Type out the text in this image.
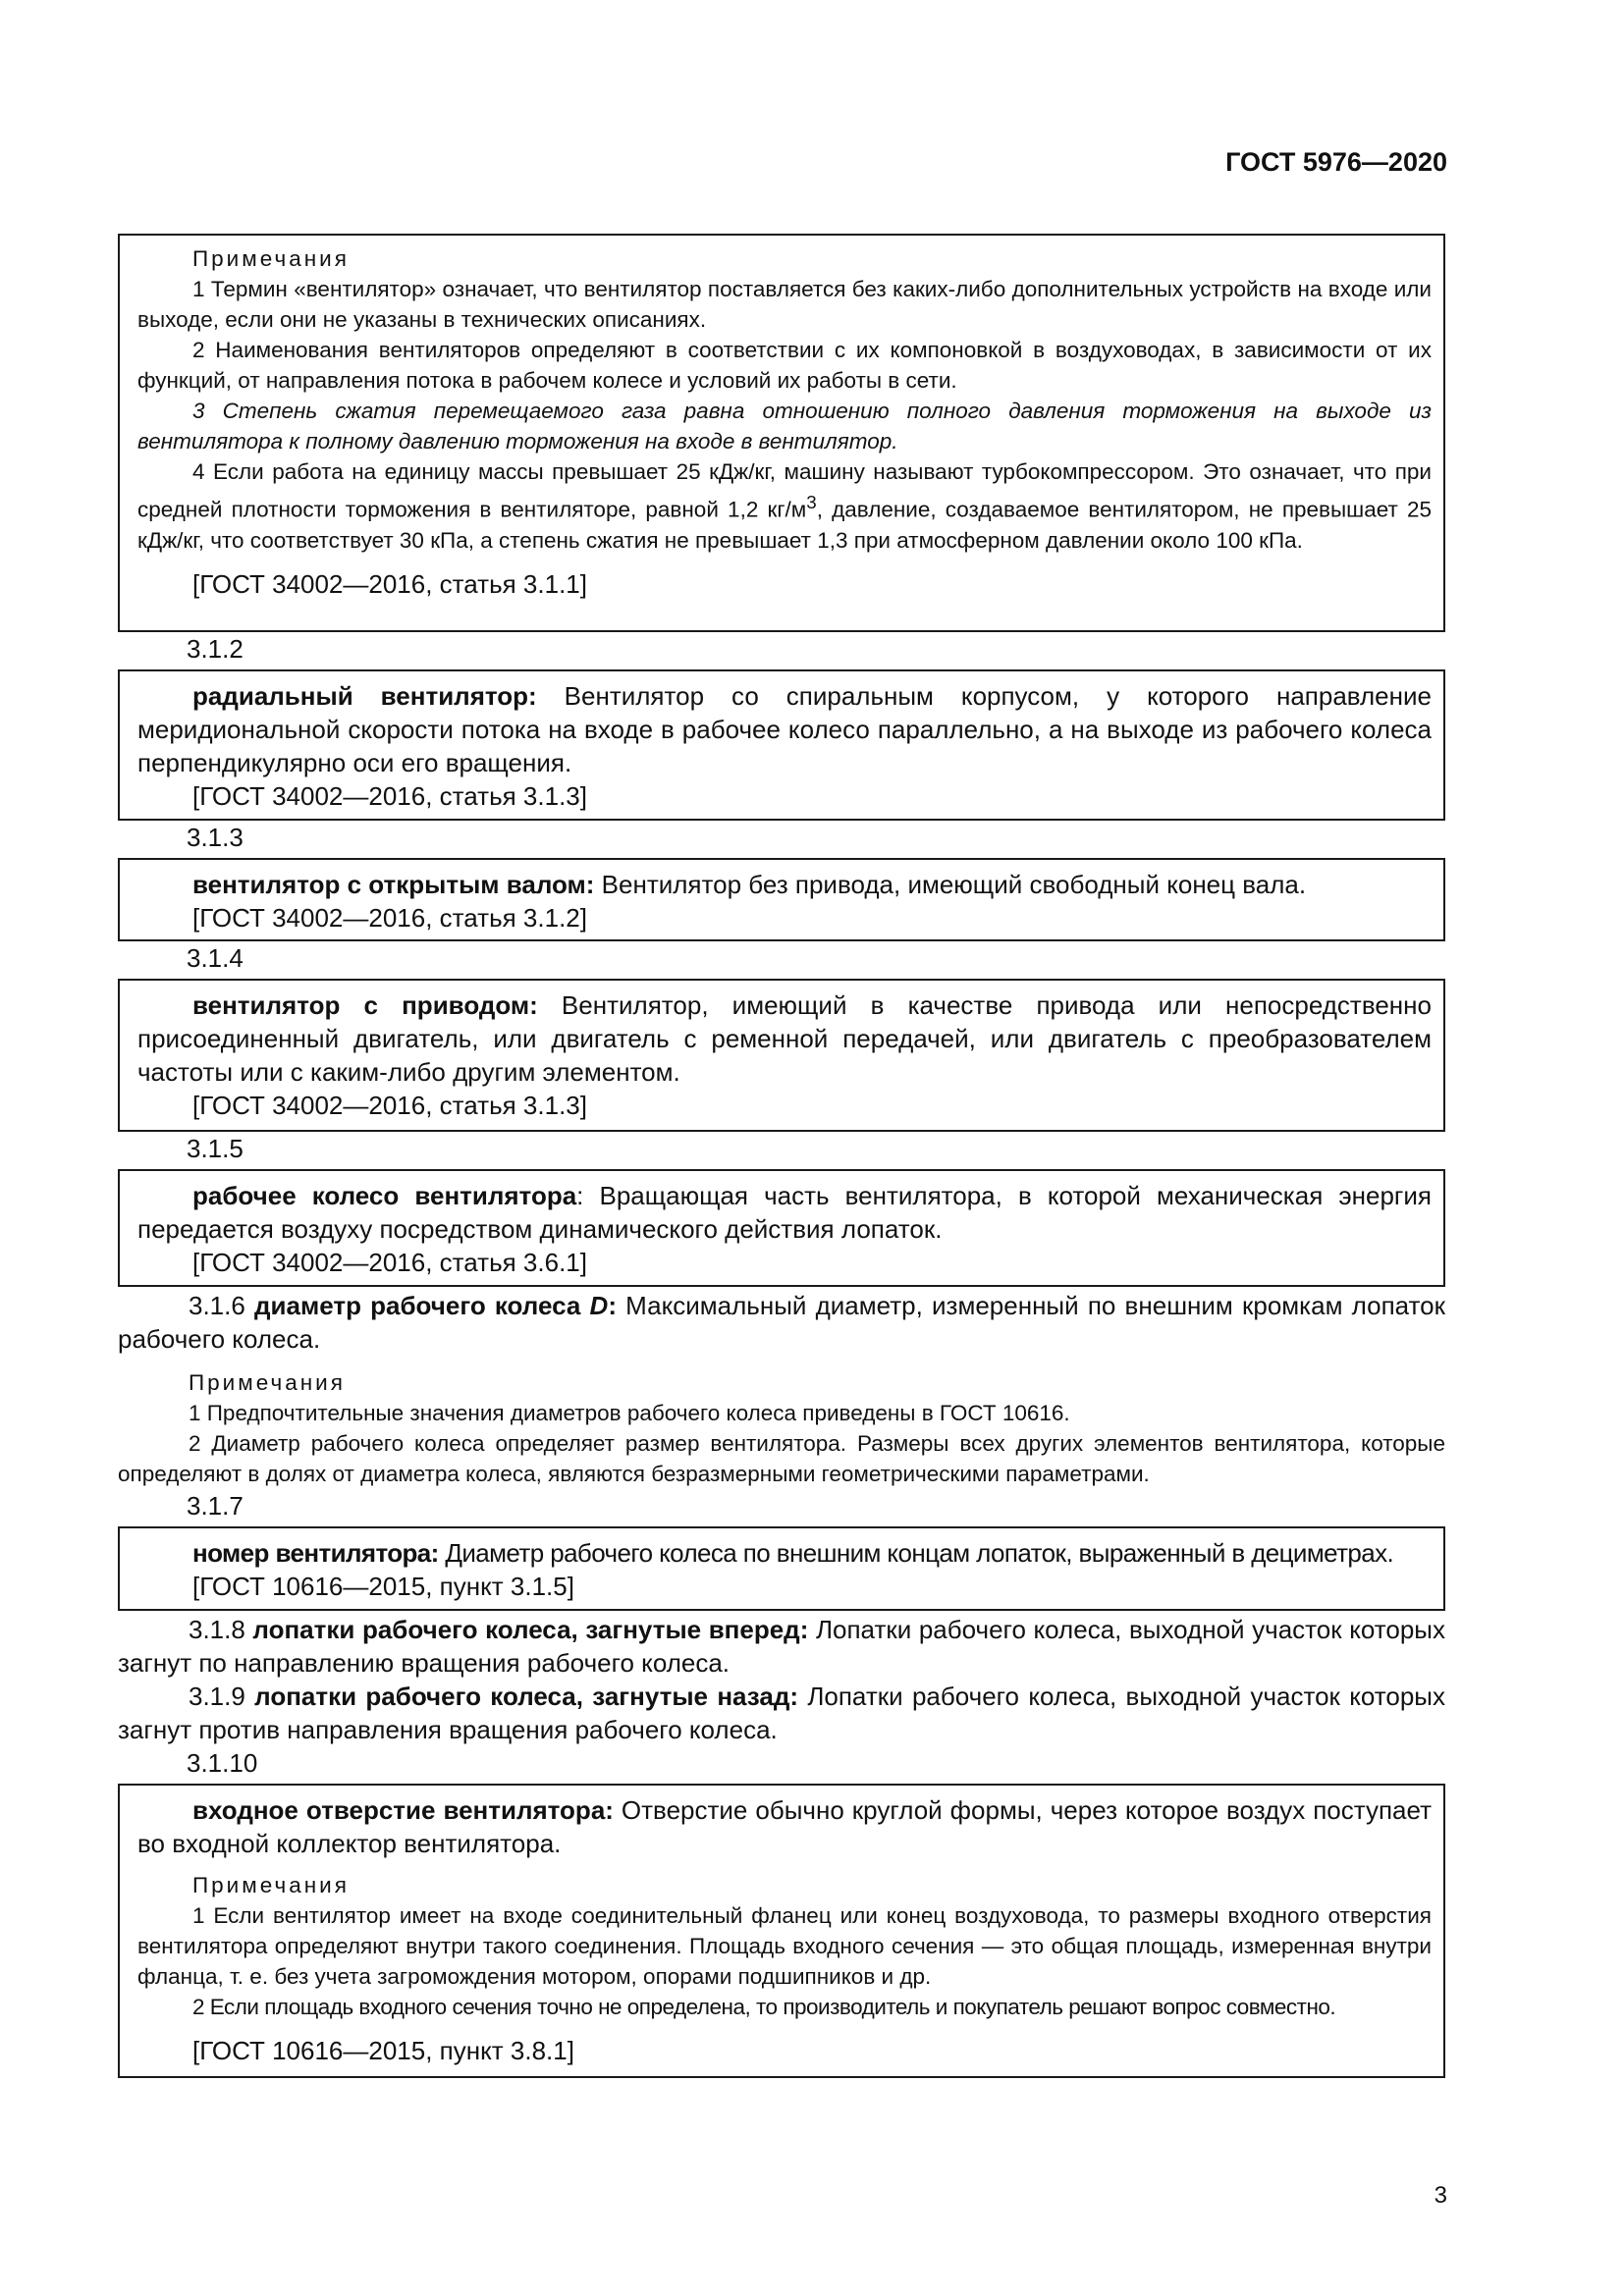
ГОСТ 5976—2020

Примечания

1 Термин «вентилятор» означает, что вентилятор поставляется без каких-либо дополнительных устройств на входе или выходе, если они не указаны в технических описаниях.

2 Наименования вентиляторов определяют в соответствии с их компоновкой в воздуховодах, в зависимости от их функций, от направления потока в рабочем колесе и условий их работы в сети.

3 Степень сжатия перемещаемого газа равна отношению полного давления торможения на выходе из вентилятора к полному давлению торможения на входе в вентилятор.

4 Если работа на единицу массы превышает 25 кДж/кг, машину называют турбокомпрессором. Это означает, что при средней плотности торможения в вентиляторе, равной 1,2 $кг/м^3$, давление, создаваемое вентилятором, не превышает 25 кДж/кг, что соответствует 30 кПа, а степень сжатия не превышает 1,3 при атмосферном давлении около 100 кПа.

[ГОСТ 34002—2016, статья 3.1.1]
3.1.2

радиальный вентилятор: Вентилятор со спиральным корпусом, у которого направление меридиональной скорости потока на входе в рабочее колесо параллельно, а на выходе из рабочего колеса перпендикулярно оси его вращения.

[ГОСТ 34002—2016, статья 3.1.3]
3.1.3

вентилятор с открытым валом: Вентилятор без привода, имеющий свободный конец вала.

[ГОСТ 34002—2016, статья 3.1.2]
3.1.4

вентилятор с приводом: Вентилятор, имеющий в качестве привода или непосредственно присоединенный двигатель, или двигатель с ременной передачей, или двигатель с преобразователем частоты или с каким-либо другим элементом.

[ГОСТ 34002—2016, статья 3.1.3]
3.1.5

рабочее колесо вентилятора: Вращающая часть вентилятора, в которой механическая энергия передается воздуху посредством динамического действия лопаток.

[ГОСТ 34002—2016, статья 3.6.1]

3.1.6 диаметр рабочего колеса D: Максимальный диаметр, измеренный по внешним кромкам лопаток рабочего колеса.

Примечания

1 Предпочтительные значения диаметров рабочего колеса приведены в ГОСТ 10616.

2 Диаметр рабочего колеса определяет размер вентилятора. Размеры всех других элементов вентилятора, которые определяют в долях от диаметра колеса, являются безразмерными геометрическими параметрами.

3.1.7

номер вентилятора: Диаметр рабочего колеса по внешним концам лопаток, выраженный в дециметрах.

[ГОСТ 10616—2015, пункт 3.1.5]

3.1.8 лопатки рабочего колеса, загнутые вперед: Лопатки рабочего колеса, выходной участок которых загнут по направлению вращения рабочего колеса.

3.1.9 лопатки рабочего колеса, загнутые назад: Лопатки рабочего колеса, выходной участок которых загнут против направления вращения рабочего колеса.

3.1.10

входное отверстие вентилятора: Отверстие обычно круглой формы, через которое воздух поступает во входной коллектор вентилятора.

Примечания

1 Если вентилятор имеет на входе соединительный фланец или конец воздуховода, то размеры входного отверстия вентилятора определяют внутри такого соединения. Площадь входного сечения — это общая площадь, измеренная внутри фланца, т. е. без учета загромождения мотором, опорами подшипников и др.

2 Если площадь входного сечения точно не определена, то производитель и покупатель решают вопрос совместно.

[ГОСТ 10616—2015, пункт 3.8.1]
3
